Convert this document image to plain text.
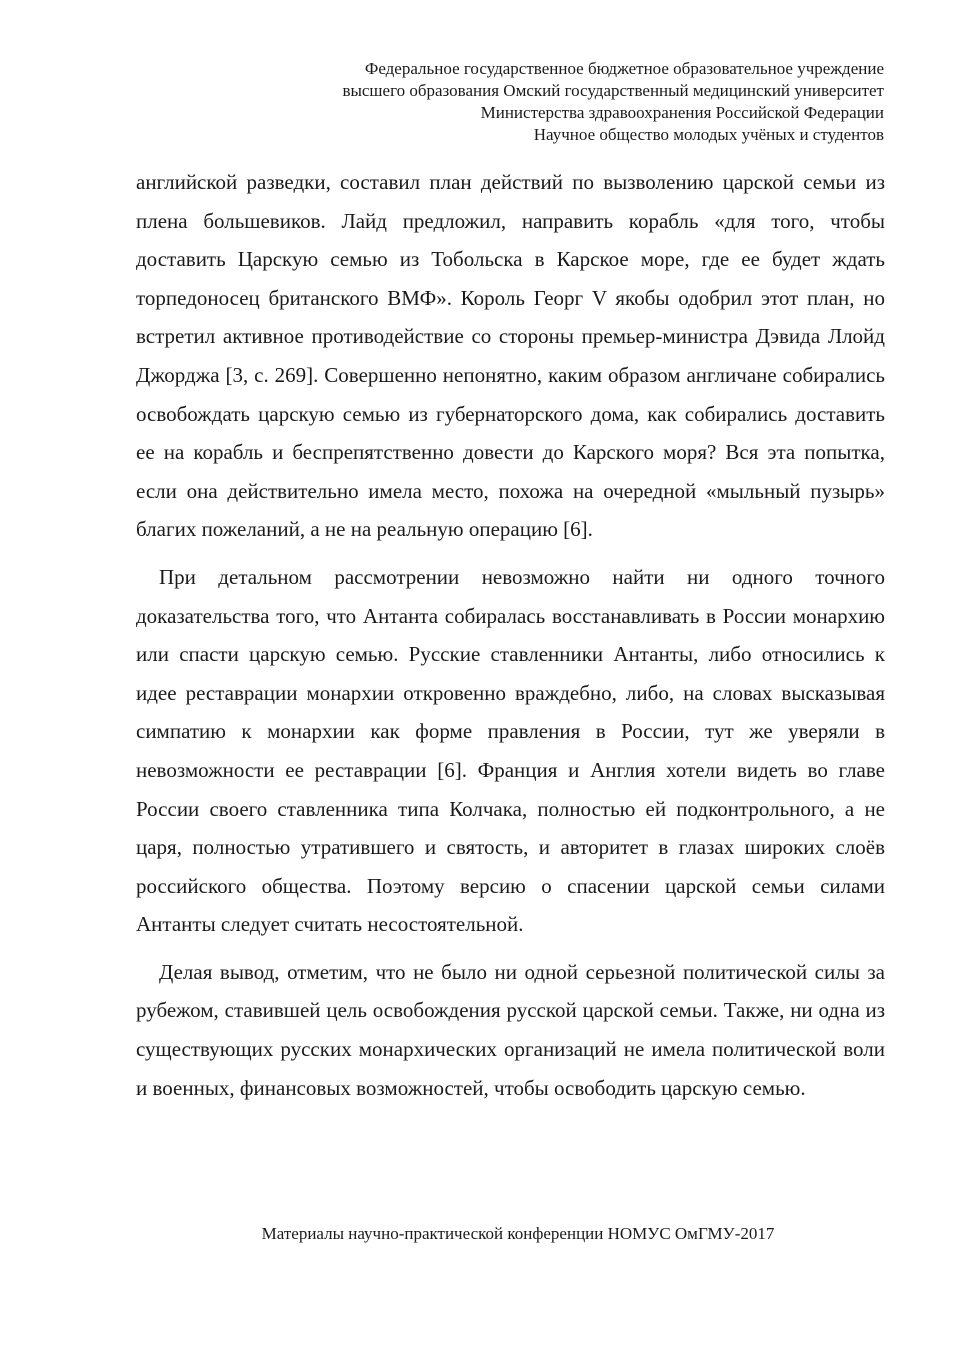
Федеральное государственное бюджетное образовательное учреждение
высшего образования Омский государственный медицинский университет
Министерства здравоохранения Российской Федерации
Научное общество молодых учёных и студентов

английской разведки, составил план действий по вызволению царской семьи из плена большевиков. Лайд предложил, направить корабль «для того, чтобы доставить Царскую семью из Тобольска в Карское море, где ее будет ждать торпедоносец британского ВМФ». Король Георг V якобы одобрил этот план, но встретил активное противодействие со стороны премьер-министра Дэвида Ллойд Джорджа [3, с. 269]. Совершенно непонятно, каким образом англичане собирались освобождать царскую семью из губернаторского дома, как собирались доставить ее на корабль и беспрепятственно довести до Карского моря? Вся эта попытка, если она действительно имела место, похожа на очередной «мыльный пузырь» благих пожеланий, а не на реальную операцию [6].

При детальном рассмотрении невозможно найти ни одного точного доказательства того, что Антанта собиралась восстанавливать в России монархию или спасти царскую семью. Русские ставленники Антанты, либо относились к идее реставрации монархии откровенно враждебно, либо, на словах высказывая симпатию к монархии как форме правления в России, тут же уверяли в невозможности ее реставрации [6]. Франция и Англия хотели видеть во главе России своего ставленника типа Колчака, полностью ей подконтрольного, а не царя, полностью утратившего и святость, и авторитет в глазах широких слоёв российского общества. Поэтому версию о спасении царской семьи силами Антанты следует считать несостоятельной.

Делая вывод, отметим, что не было ни одной серьезной политической силы за рубежом, ставившей цель освобождения русской царской семьи. Также, ни одна из существующих русских монархических организаций не имела политической воли и военных, финансовых возможностей, чтобы освободить царскую семью.

Материалы научно-практической конференции НОМУС ОмГМУ-2017
